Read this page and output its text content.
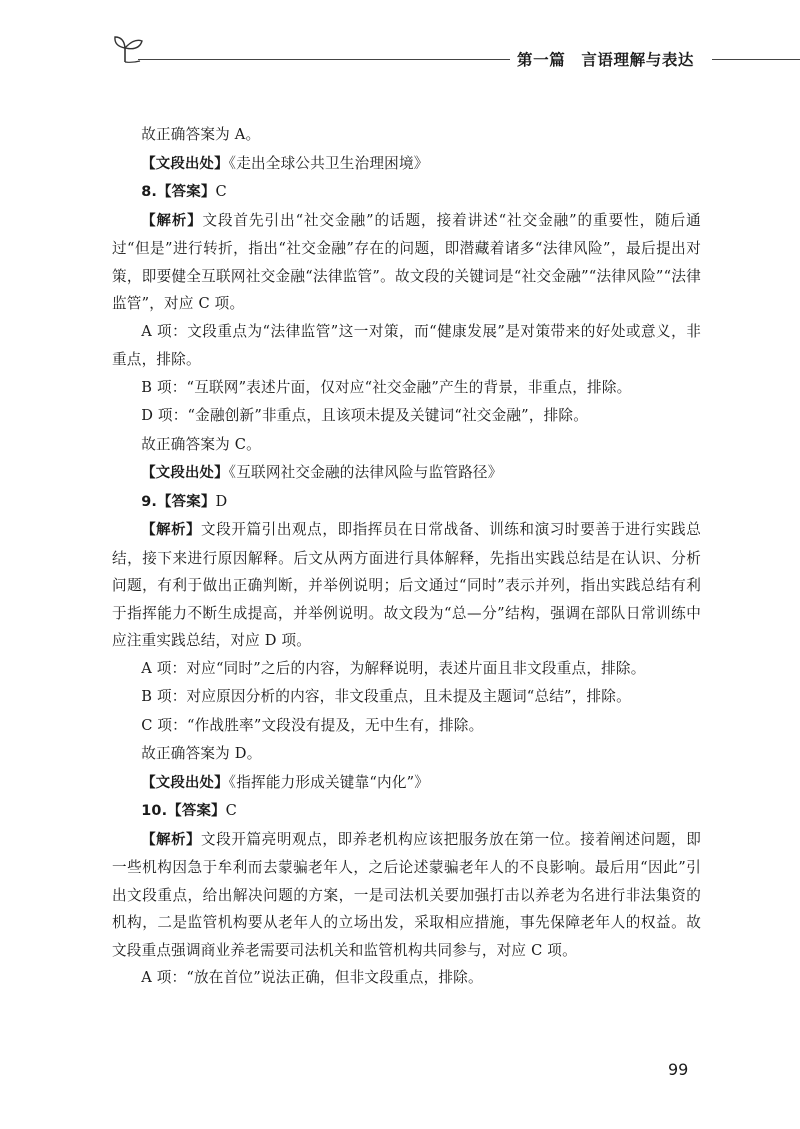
第一篇 言语理解与表达

故正确答案为 A。

【文段出处】《走出全球公共卫生治理困境》

8.【答案】C

【解析】文段首先引出“社交金融”的话题，接着讲述“社交金融”的重要性，随后通过“但是”进行转折，指出“社交金融”存在的问题，即潜藏着诸多“法律风险”，最后提出对策，即要健全互联网社交金融“法律监管”。故文段的关键词是“社交金融”“法律风险”“法律监管”，对应 C 项。

A 项：文段重点为“法律监管”这一对策，而“健康发展”是对策带来的好处或意义，非重点，排除。

B 项：“互联网”表述片面，仅对应“社交金融”产生的背景，非重点，排除。

D 项：“金融创新”非重点，且该项未提及关键词“社交金融”，排除。

故正确答案为 C。

【文段出处】《互联网社交金融的法律风险与监管路径》

9.【答案】D

【解析】文段开篇引出观点，即指挥员在日常战备、训练和演习时要善于进行实践总结，接下来进行原因解释。后文从两方面进行具体解释，先指出实践总结是在认识、分析问题，有利于做出正确判断，并举例说明；后文通过“同时”表示并列，指出实践总结有利于指挥能力不断生成提高，并举例说明。故文段为“总—分”结构，强调在部队日常训练中应注重实践总结，对应 D 项。

A 项：对应“同时”之后的内容，为解释说明，表述片面且非文段重点，排除。

B 项：对应原因分析的内容，非文段重点，且未提及主题词“总结”，排除。

C 项：“作战胜率”文段没有提及，无中生有，排除。

故正确答案为 D。

【文段出处】《指挥能力形成关键靠“内化”》

10.【答案】C

【解析】文段开篇亮明观点，即养老机构应该把服务放在第一位。接着阐述问题，即一些机构因急于牟利而去蒙骗老年人，之后论述蒙骗老年人的不良影响。最后用“因此”引出文段重点，给出解决问题的方案，一是司法机关要加强打击以养老为名进行非法集资的机构，二是监管机构要从老年人的立场出发，采取相应措施，事先保障老年人的权益。故文段重点强调商业养老需要司法机关和监管机构共同参与，对应 C 项。

A 项：“放在首位”说法正确，但非文段重点，排除。

99
